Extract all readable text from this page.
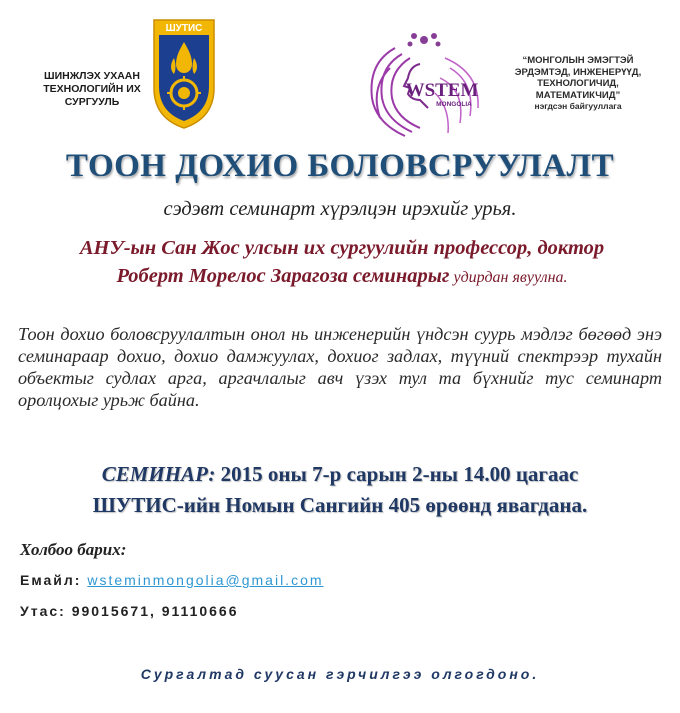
ШИНЖЛЭХ УХААН
ТЕХНОЛОГИЙН ИХ
СУРГУУЛЬ
ШУТИС
WSTEM
MONGOLIA
“МОНГОЛЫН ЭМЭГТЭЙ
ЭРДЭМТЭД, ИНЖЕНЕРҮҮД,
ТЕХНОЛОГИЧИД,
МАТЕМАТИКЧИД”
нэгдсэн байгууллага
ТООН ДОХИО БОЛОВСРУУЛАЛТ
сэдэвт семинарт хүрэлцэн ирэхийг урья.
АНУ-ын Сан Жос улсын их сургуулийн профессор, доктор
Роберт Морелос Зарагоза семинарыг удирдан явуулна.
Тоон дохио боловсруулалтын онол нь инженерийн үндсэн суурь мэдлэг бөгөөд энэ семинараар дохио, дохио дамжуулах, дохиог задлах, түүний спектрээр тухайн объектыг судлах арга, аргачлалыг авч үзэх тул та бүхнийг тус семинарт оролцохыг урьж байна.
СЕМИНАР: 2015 оны 7-р сарын 2-ны 14.00 цагаас
ШУТИС-ийн Номын Сангийн 405 өрөөнд явагдана.
Холбоо барих:
Емайл: wsteminmongolia@gmail.com
Утас: 99015671, 91110666
Сургалтад суусан гэрчилгээ олгогдоно.
